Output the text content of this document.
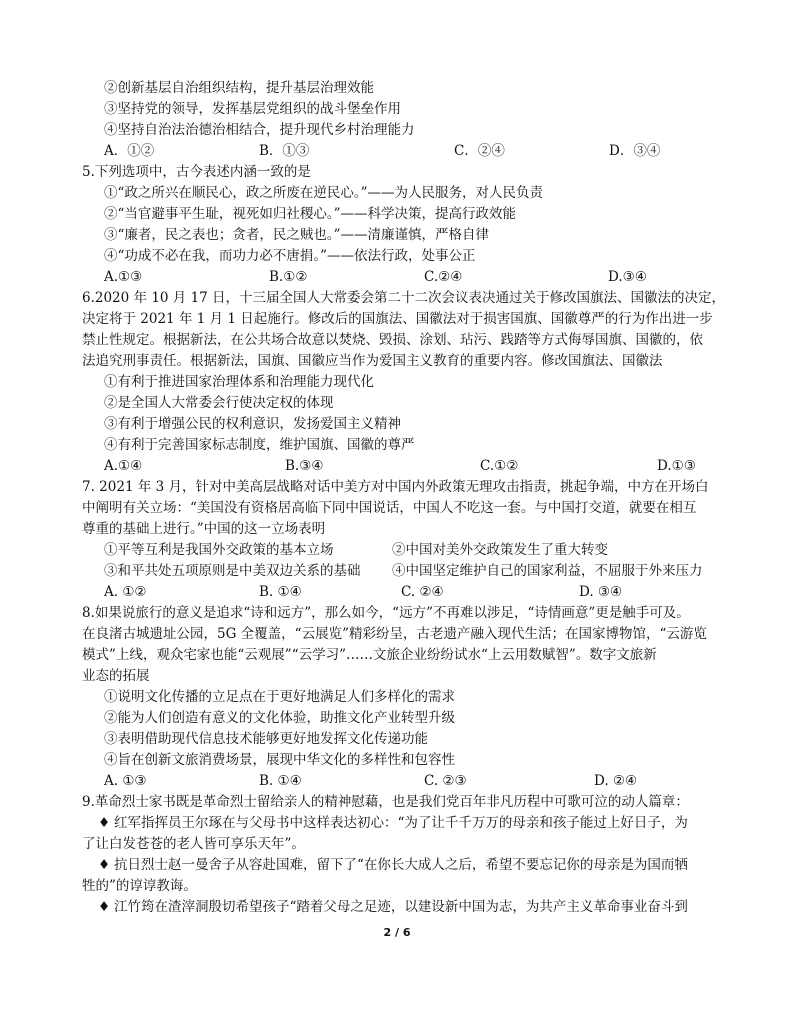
②创新基层自治组织结构，提升基层治理效能
③坚持党的领导，发挥基层党组织的战斗堡垒作用
④坚持自治法治德治相结合，提升现代乡村治理能力
A．①②	B．①③	C．②④	D．③④
5.下列选项中，古今表述内涵一致的是
①“政之所兴在顺民心，政之所废在逆民心。”——为人民服务，对人民负责
②“当官避事平生耻，视死如归社稷心。”——科学决策，提高行政效能
③“廉者，民之表也；贪者，民之贼也。”——清廉谨慎，严格自律
④“功成不必在我，而功力必不唐捐。”——依法行政，处事公正
A.①③	B.①②	C.②④	D.③④
6.2020 年 10 月 17 日，十三届全国人大常委会第二十二次会议表决通过关于修改国旗法、国徽法的决定，
决定将于 2021 年 1 月 1 日起施行。修改后的国旗法、国徽法对于损害国旗、国徽尊严的行为作出进一步
禁止性规定。根据新法，在公共场合故意以焚烧、毁损、涂划、玷污、践踏等方式侮辱国旗、国徽的，依
法追究刑事责任。根据新法，国旗、国徽应当作为爱国主义教育的重要内容。修改国旗法、国徽法
①有利于推进国家治理体系和治理能力现代化
②是全国人大常委会行使决定权的体现
③有利于增强公民的权利意识，发扬爱国主义精神
④有利于完善国家标志制度，维护国旗、国徽的尊严
A.①④	B.③④	C.①②	D.①③
7. 2021 年 3 月，针对中美高层战略对话中美方对中国内外政策无理攻击指责，挑起争端，中方在开场白
中阐明有关立场：“美国没有资格居高临下同中国说话，中国人不吃这一套。与中国打交道，就要在相互
尊重的基础上进行。”中国的这一立场表明
①平等互利是我国外交政策的基本立场	②中国对美外交政策发生了重大转变
③和平共处五项原则是中美双边关系的基础 ④中国坚定维护自己的国家利益，不屈服于外来压力
A. ①②	B. ①④	C. ②④	D. ③④
8.如果说旅行的意义是追求“诗和远方”，那么如今，“远方”不再难以涉足，“诗情画意”更是触手可及。
在良渚古城遗址公园，5G 全覆盖，“云展览”精彩纷呈，古老遗产融入现代生活；在国家博物馆，“云游览
模式”上线，观众宅家也能“云观展”“云学习”……文旅企业纷纷试水“上云用数赋智”。数字文旅新
业态的拓展
①说明文化传播的立足点在于更好地满足人们多样化的需求
②能为人们创造有意义的文化体验，助推文化产业转型升级
③表明借助现代信息技术能够更好地发挥文化传递功能
④旨在创新文旅消费场景，展现中华文化的多样性和包容性
A. ①③	B. ①④	C. ②③	D. ②④
9.革命烈士家书既是革命烈士留给亲人的精神慰藉，也是我们党百年非凡历程中可歌可泣的动人篇章：
♦ 红军指挥员王尔琢在与父母书中这样表达初心：“为了让千千万万的母亲和孩子能过上好日子，为
了让白发苍苍的老人皆可享乐天年”。
♦ 抗日烈士赵一曼舍子从容赴国难，留下了“在你长大成人之后，希望不要忘记你的母亲是为国而牺
牲的”的谆谆教诲。
♦ 江竹筠在渣滓洞殷切希望孩子“踏着父母之足迹，以建设新中国为志，为共产主义革命事业奋斗到
2 / 6
